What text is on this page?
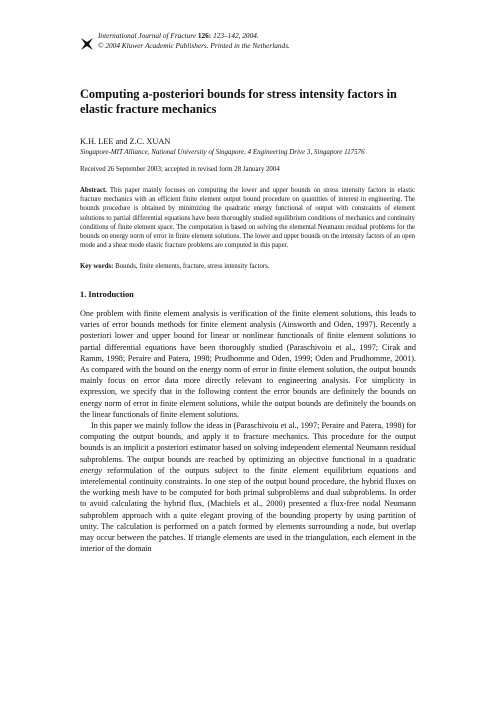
International Journal of Fracture 126: 123–142, 2004.
© 2004 Kluwer Academic Publishers. Printed in the Netherlands.
Computing a-posteriori bounds for stress intensity factors in elastic fracture mechanics
K.H. LEE and Z.C. XUAN
Singapore-MIT Alliance, National University of Singapore, 4 Engineering Drive 3, Singapore 117576
Received 26 September 2003; accepted in revised form 28 January 2004
Abstract. This paper mainly focuses on computing the lower and upper bounds on stress intensity factors in elastic fracture mechanics with an efficient finite element output bound procedure on quantities of interest in engineering. The bounds procedure is obtained by minimizing the quadratic energy functional of output with constraints of element solutions to partial differential equations have been thoroughly studied equilibrium conditions of mechanics and continuity conditions of finite element space. The computation is based on solving the elemental Neumann residual problems for the bounds on energy norm of error in finite element solutions. The lower and upper bounds on the intensity factors of an open mode and a shear mode elastic fracture problems are computed in this paper.
Key words: Bounds, finite elements, fracture, stress intensity factors.
1. Introduction

One problem with finite element analysis is verification of the finite element solutions, this leads to varies of error bounds methods for finite element analysis (Ainsworth and Oden, 1997). Recently a posteriori lower and upper bound for linear or nonlinear functionals of finite element solutions to partial differential equations have been thoroughly studied (Paraschivoiu et al., 1997; Cirak and Ramm, 1998; Peraire and Patera, 1998; Prudhomme and Oden, 1999; Oden and Prudhomme, 2001). As compared with the bound on the energy norm of error in finite element solution, the output bounds mainly focus on error data more directly relevant to engineering analysis. For simplicity in expression, we specify that in the following content the error bounds are definitely the bounds on energy norm of error in finite element solutions, while the output bounds are definitely the bounds on the linear functionals of finite element solutions.

In this paper we mainly follow the ideas in (Paraschivoiu et al., 1997; Peraire and Patera, 1998) for computing the output bounds, and apply it to fracture mechanics. This procedure for the output bounds is an implicit a posteriori estimator based on solving independent elemental Neumann residual subproblems. The output bounds are reached by optimizing an objective functional in a quadratic energy reformulation of the outputs subject to the finite element equilibrium equations and interelemental continuity constraints. In one step of the output bound procedure, the hybrid fluxes on the working mesh have to be computed for both primal subproblems and dual subproblems. In order to avoid calculating the hybrid flux, (Machiels et al., 2000) presented a flux-free nodal Neumann subproblem approach with a quite elegant proving of the bounding property by using partition of unity. The calculation is performed on a patch formed by elements surrounding a node, but overlap may occur between the patches. If triangle elements are used in the triangulation, each element in the interior of the domain
